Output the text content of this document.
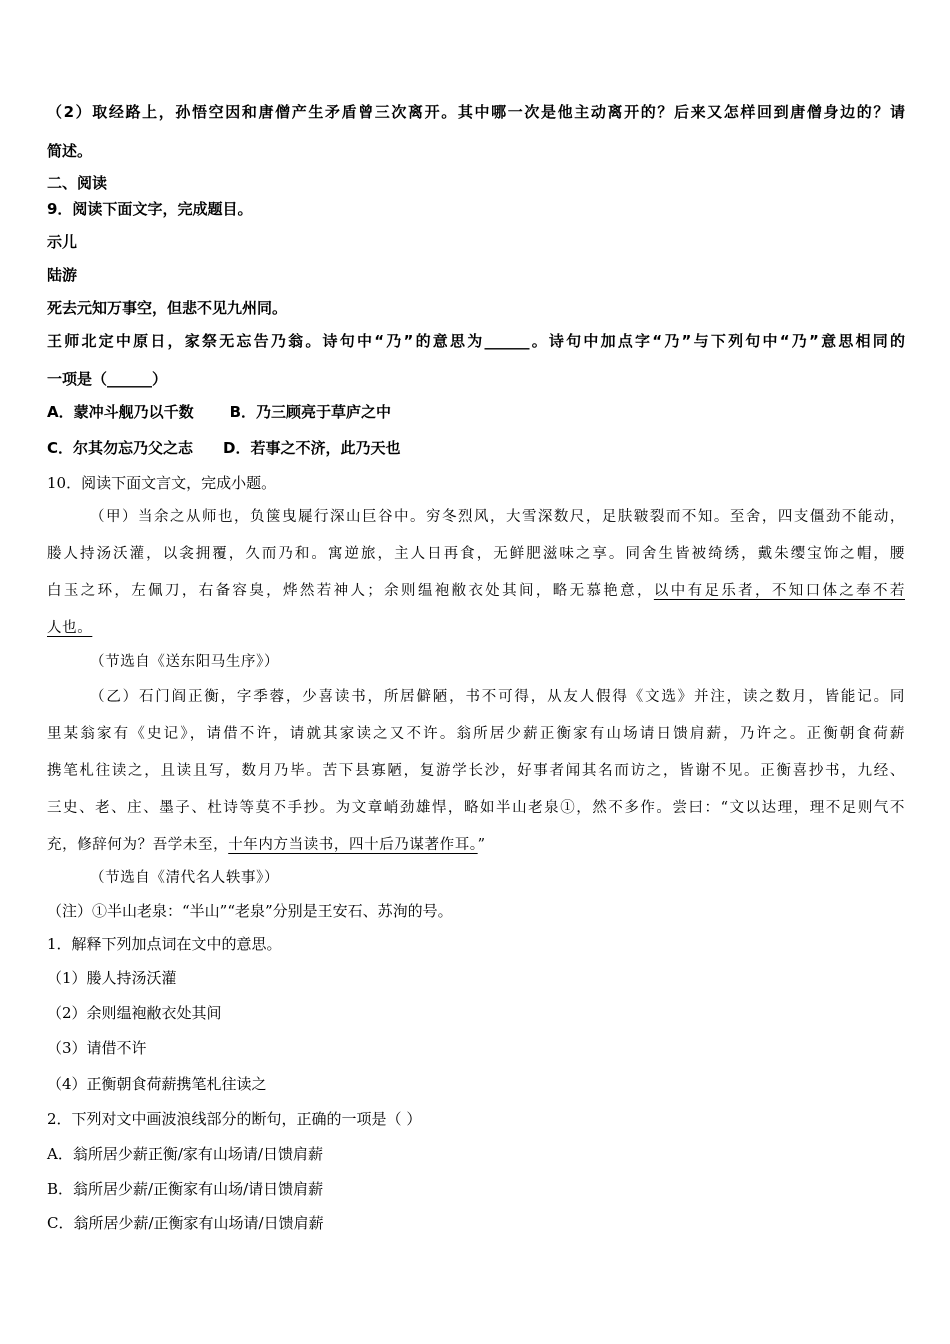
（2）取经路上，孙悟空因和唐僧产生矛盾曾三次离开。其中哪一次是他主动离开的？后来又怎样回到唐僧身边的？请
简述。
二、阅读
9．阅读下面文字，完成题目。
示儿
陆游
死去元知万事空，但悲不见九州同。
王师北定中原日，家祭无忘告乃翁。诗句中“乃”的意思为______。诗句中加点字“乃”与下列句中“乃”意思相同的
一项是（______）
A．蒙冲斗舰乃以千数 B．乃三顾亮于草庐之中
C．尔其勿忘乃父之志 D．若事之不济，此乃天也
10．阅读下面文言文，完成小题。
（甲）当余之从师也，负箧曳屣行深山巨谷中。穷冬烈风，大雪深数尺，足肤皲裂而不知。至舍，四支僵劲不能动，
媵人持汤沃灌，以衾拥覆，久而乃和。寓逆旅，主人日再食，无鲜肥滋味之享。同舍生皆被绮绣，戴朱缨宝饰之帽，腰
白玉之环，左佩刀，右备容臭，烨然若神人；余则缊袍敝衣处其间，略无慕艳意，以中有足乐者，不知口体之奉不若
人也。
（节选自《送东阳马生序》）
（乙）石门阎正衡，字季蓉，少喜读书，所居僻陋，书不可得，从友人假得《文选》并注，读之数月，皆能记。同
里某翁家有《史记》，请借不许，请就其家读之又不许。翁所居少薪正衡家有山场请日馈肩薪，乃许之。正衡朝食荷薪
携笔札往读之，且读且写，数月乃毕。苦下县寡陋，复游学长沙，好事者闻其名而访之，皆谢不见。正衡喜抄书，九经、
三史、老、庄、墨子、杜诗等莫不手抄。为文章峭劲雄悍，略如半山老泉①，然不多作。尝曰：“文以达理，理不足则气不
充，修辞何为？吾学未至，十年内方当读书，四十后乃谋著作耳。”
（节选自《清代名人轶事》）
（注）①半山老泉：“半山”“老泉”分别是王安石、苏洵的号。
1．解释下列加点词在文中的意思。
（1）媵人持汤沃灌
（2）余则缊袍敝衣处其间
（3）请借不许
（4）正衡朝食荷薪携笔札往读之
2．下列对文中画波浪线部分的断句，正确的一项是（ ）
A．翁所居少薪正衡/家有山场请/日馈肩薪
B．翁所居少薪/正衡家有山场/请日馈肩薪
C．翁所居少薪/正衡家有山场请/日馈肩薪
